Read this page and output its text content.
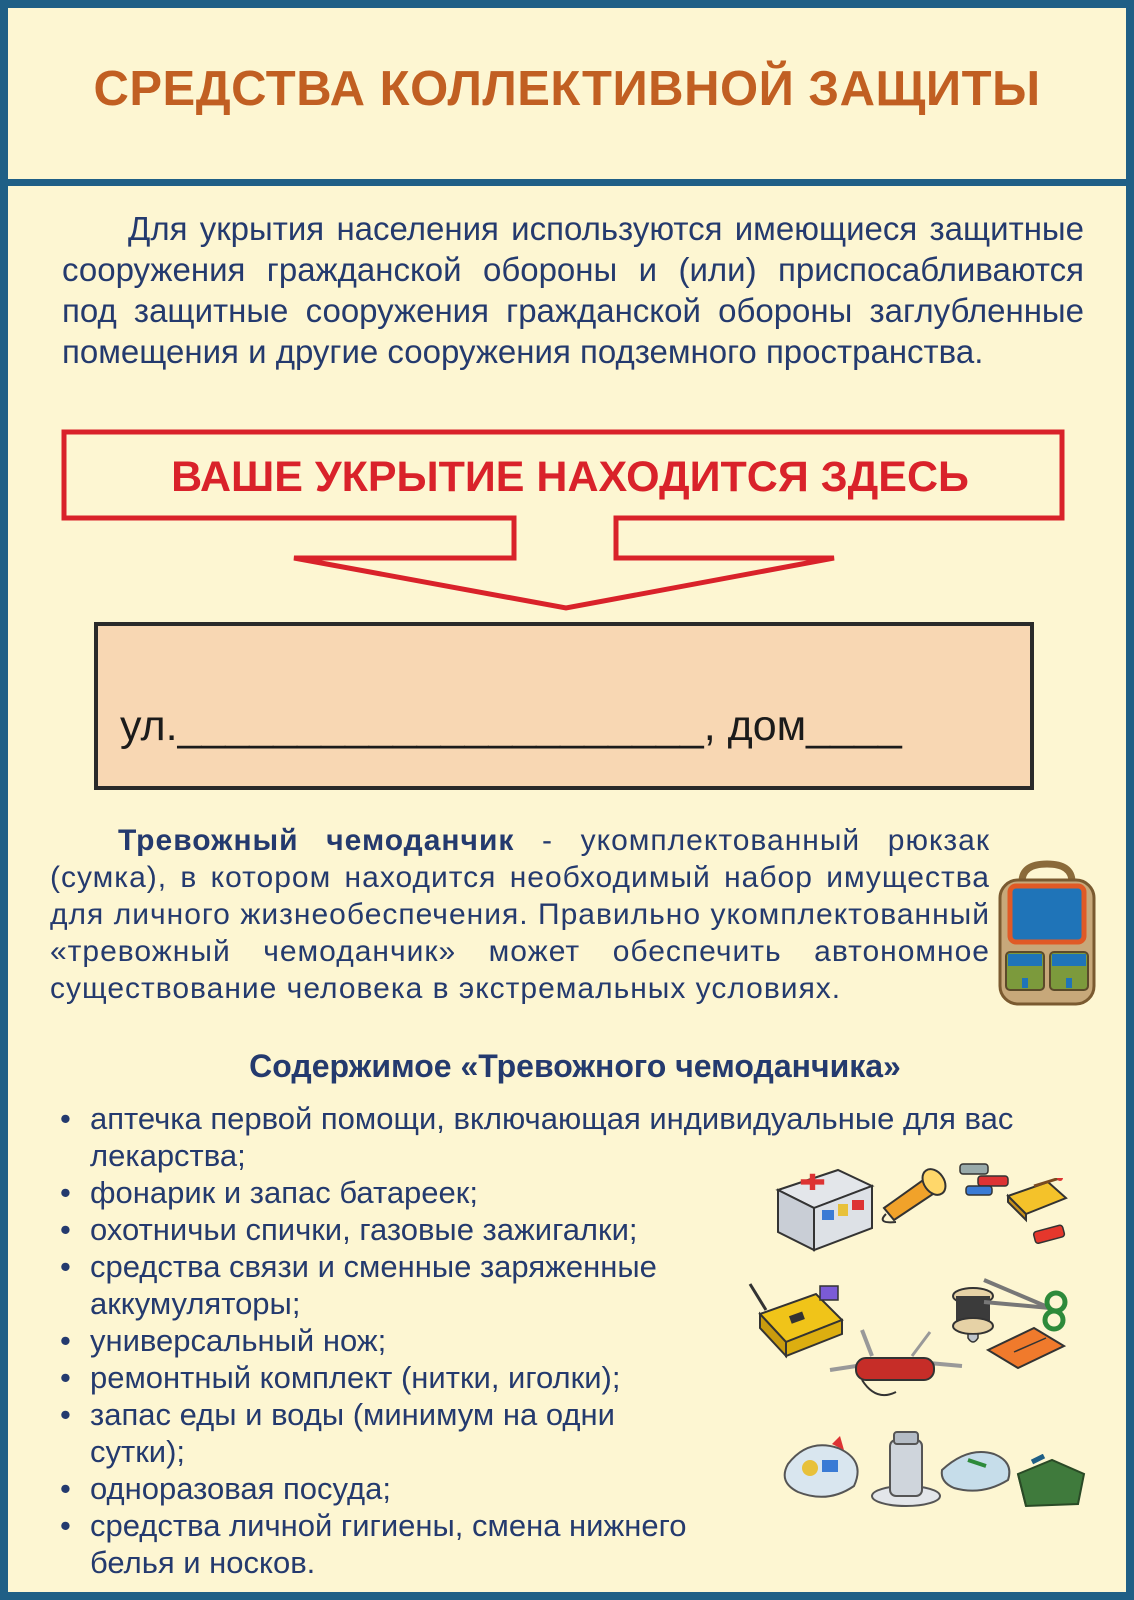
СРЕДСТВА КОЛЛЕКТИВНОЙ ЗАЩИТЫ

Для укрытия населения используются имеющиеся защитные сооружения гражданской обороны и (или) приспосабливаются под защитные сооружения гражданской обороны заглубленные помещения и другие сооружения подземного пространства.

ВАШЕ УКРЫТИЕ НАХОДИТСЯ ЗДЕСЬ
ул.______________________, дом____

Тревожный чемоданчик - укомплектованный рюкзак (сумка), в котором находится необходимый набор имущества для личного жизнеобеспечения. Правильно укомплектованный «тревожный чемоданчик» может обеспечить автономное существование человека в экстремальных условиях.

Содержимое «Тревожного чемоданчика»
• аптечка первой помощи, включающая индивидуальные для вас лекарства;
• фонарик и запас батареек;
• охотничьи спички, газовые зажигалки;
• средства связи и сменные заряженные аккумуляторы;
• универсальный нож;
• ремонтный комплект (нитки, иголки);
• запас еды и воды (минимум на одни сутки);
• одноразовая посуда;
• средства личной гигиены, смена нижнего белья и носков.
